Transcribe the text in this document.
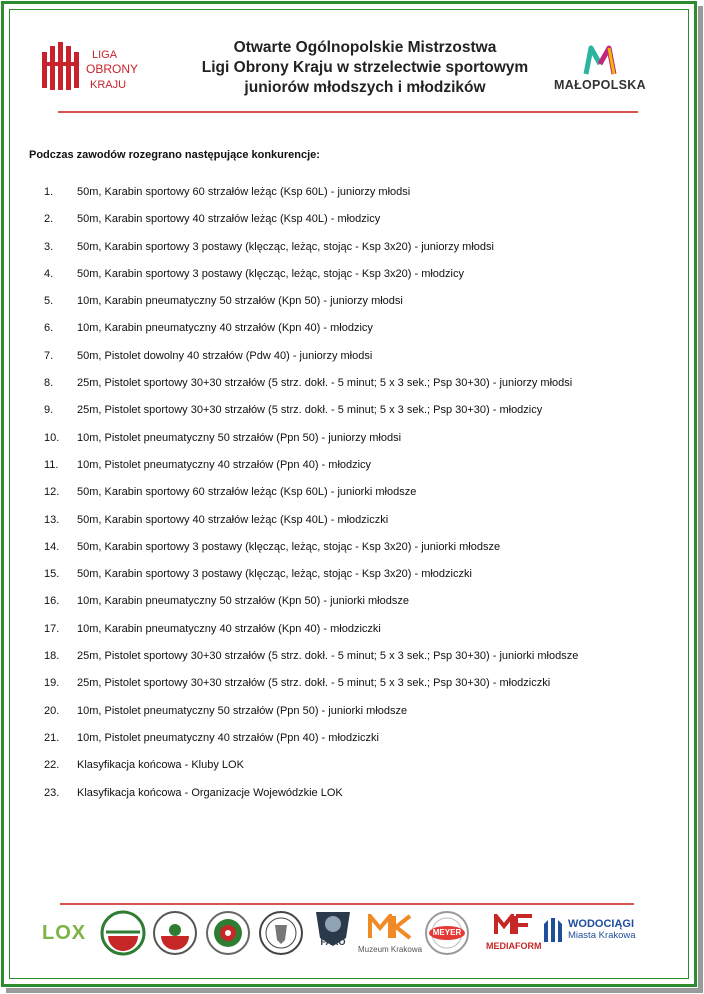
LIGA
OBRONY
KRAJU
Otwarte Ogólnopolskie Mistrzostwa
Ligi Obrony Kraju w strzelectwie sportowym
juniorów młodszych i młodzików	MAŁOPOLSKA
Podczas zawodów rozegrano następujące konkurencje:
1.	50m, Karabin sportowy 60 strzałów leżąc (Ksp 60L) - juniorzy młodsi
2.	50m, Karabin sportowy 40 strzałów leżąc (Ksp 40L) - młodzicy
3.	50m, Karabin sportowy 3 postawy (klęcząc, leżąc, stojąc - Ksp 3x20) - juniorzy młodsi
4.	50m, Karabin sportowy 3 postawy (klęcząc, leżąc, stojąc - Ksp 3x20) - młodzicy
5.	10m, Karabin pneumatyczny 50 strzałów (Kpn 50) - juniorzy młodsi
6.	10m, Karabin pneumatyczny 40 strzałów (Kpn 40) - młodzicy
7.	50m, Pistolet dowolny 40 strzałów (Pdw 40) - juniorzy młodsi
8.	25m, Pistolet sportowy 30+30 strzałów (5 strz. dokł. - 5 minut; 5 x 3 sek.; Psp 30+30) - juniorzy młodsi
9.	25m, Pistolet sportowy 30+30 strzałów (5 strz. dokł. - 5 minut; 5 x 3 sek.; Psp 30+30) - młodzicy
10.	10m, Pistolet pneumatyczny 50 strzałów (Ppn 50) - juniorzy młodsi
11.	10m, Pistolet pneumatyczny 40 strzałów (Ppn 40) - młodzicy
12.	50m, Karabin sportowy 60 strzałów leżąc (Ksp 60L) - juniorki młodsze
13.	50m, Karabin sportowy 40 strzałów leżąc (Ksp 40L) - młodziczki
14.	50m, Karabin sportowy 3 postawy (klęcząc, leżąc, stojąc - Ksp 3x20) - juniorki młodsze
15.	50m, Karabin sportowy 3 postawy (klęcząc, leżąc, stojąc - Ksp 3x20) - młodziczki
16.	10m, Karabin pneumatyczny 50 strzałów (Kpn 50) - juniorki młodsze
17.	10m, Karabin pneumatyczny 40 strzałów (Kpn 40) - młodziczki
18.	25m, Pistolet sportowy 30+30 strzałów (5 strz. dokł. - 5 minut; 5 x 3 sek.; Psp 30+30) - juniorki młodsze
19.	25m, Pistolet sportowy 30+30 strzałów (5 strz. dokł. - 5 minut; 5 x 3 sek.; Psp 30+30) - młodziczki
20.	10m, Pistolet pneumatyczny 50 strzałów (Ppn 50) - juniorki młodsze
21.	10m, Pistolet pneumatyczny 40 strzałów (Ppn 40) - młodziczki
22.	Klasyfikacja końcowa - Kluby LOK
23.	Klasyfikacja końcowa - Organizacje Wojewódzkie LOK
LOX	FARO
Muzeum Krakowa
MEYER
MEDIAFORM
WODOCIĄGI
Miasta Krakowa
